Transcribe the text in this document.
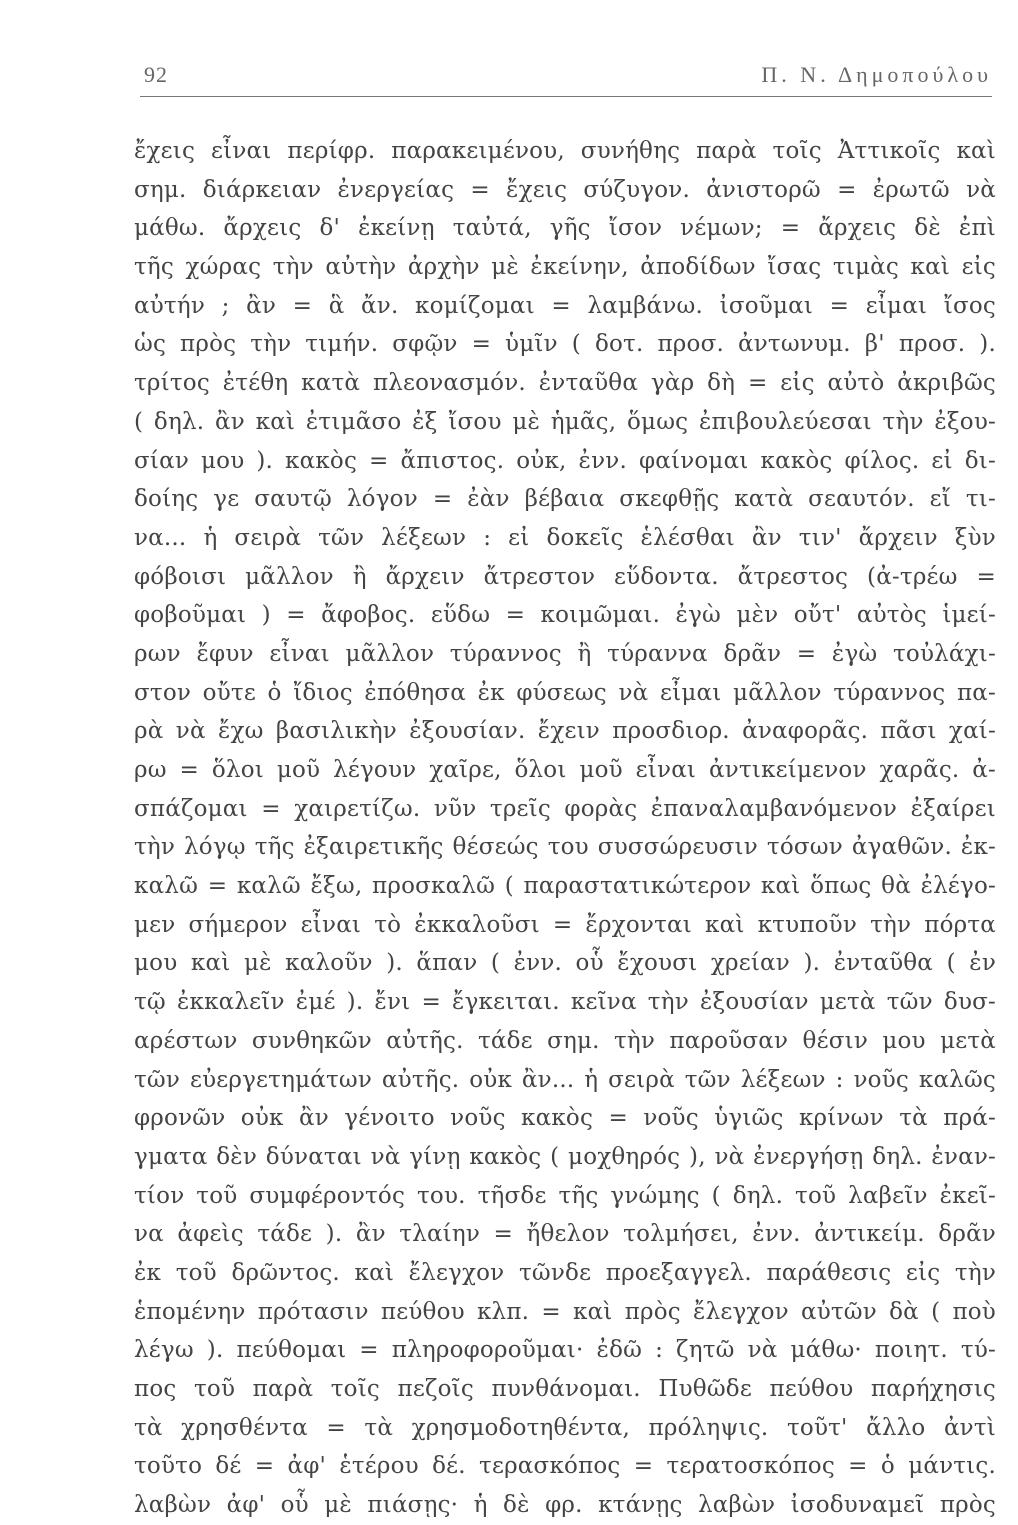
92	Π. Ν. Δημοπούλου
ἔχεις εἶναι περίφρ. παρακειμένου, συνήθης παρὰ τοῖς Ἀττικοῖς καὶ
σημ. διάρκειαν ἐνεργείας = ἔχεις σύζυγον. ἀνιστορῶ = ἐρωτῶ νὰ
μάθω. ἄρχεις δ' ἐκείνῃ ταὐτά, γῆς ἴσον νέμων; = ἄρχεις δὲ ἐπὶ
τῆς χώρας τὴν αὐτὴν ἀρχὴν μὲ ἐκείνην, ἀποδίδων ἴσας τιμὰς καὶ εἰς
αὐτήν ; ἂν = ἃ ἄν. κομίζομαι = λαμβάνω. ἰσοῦμαι = εἶμαι ἴσος
ὡς πρὸς τὴν τιμήν. σφῷν = ὑμῖν ( δοτ. προσ. ἀντωνυμ. β' προσ. ).
τρίτος ἐτέθη κατὰ πλεονασμόν. ἐνταῦθα γὰρ δὴ = εἰς αὐτὸ ἀκριβῶς
( δηλ. ἂν καὶ ἐτιμᾶσο ἐξ ἴσου μὲ ἡμᾶς, ὅμως ἐπιβουλεύεσαι τὴν ἐξου-
σίαν μου ). κακὸς = ἄπιστος. οὐκ, ἐνν. φαίνομαι κακὸς φίλος. εἰ δι-
δοίης γε σαυτῷ λόγον = ἐὰν βέβαια σκεφθῇς κατὰ σεαυτόν. εἴ τι-
να... ἡ σειρὰ τῶν λέξεων : εἰ δοκεῖς ἑλέσθαι ἂν τιν' ἄρχειν ξὺν
φόβοισι μᾶλλον ἢ ἄρχειν ἄτρεστον εὕδοντα. ἄτρεστος (ἀ-τρέω =
φοβοῦμαι ) = ἄφοβος. εὕδω = κοιμῶμαι. ἐγὼ μὲν οὔτ' αὐτὸς ἱμεί-
ρων ἔφυν εἶναι μᾶλλον τύραννος ἢ τύραννα δρᾶν = ἐγὼ τοὐλάχι-
στον οὔτε ὁ ἴδιος ἐπόθησα ἐκ φύσεως νὰ εἶμαι μᾶλλον τύραννος πα-
ρὰ νὰ ἔχω βασιλικὴν ἐξουσίαν. ἔχειν προσδιορ. ἀναφορᾶς. πᾶσι χαί-
ρω = ὅλοι μοῦ λέγουν χαῖρε, ὅλοι μοῦ εἶναι ἀντικείμενον χαρᾶς. ἀ-
σπάζομαι = χαιρετίζω. νῦν τρεῖς φορὰς ἐπαναλαμβανόμενον ἐξαίρει
τὴν λόγῳ τῆς ἐξαιρετικῆς θέσεώς του συσσώρευσιν τόσων ἀγαθῶν. ἐκ-
καλῶ = καλῶ ἔξω, προσκαλῶ ( παραστατικώτερον καὶ ὅπως θὰ ἐλέγο-
μεν σήμερον εἶναι τὸ ἐκκαλοῦσι = ἔρχονται καὶ κτυποῦν τὴν πόρτα
μου καὶ μὲ καλοῦν ). ἅπαν ( ἐνν. οὗ ἔχουσι χρείαν ). ἐνταῦθα ( ἐν
τῷ ἐκκαλεῖν ἐμέ ). ἔνι = ἔγκειται. κεῖνα τὴν ἐξουσίαν μετὰ τῶν δυσ-
αρέστων συνθηκῶν αὐτῆς. τάδε σημ. τὴν παροῦσαν θέσιν μου μετὰ
τῶν εὐεργετημάτων αὐτῆς. οὐκ ἂν... ἡ σειρὰ τῶν λέξεων : νοῦς καλῶς
φρονῶν οὐκ ἂν γένοιτο νοῦς κακὸς = νοῦς ὑγιῶς κρίνων τὰ πρά-
γματα δὲν δύναται νὰ γίνῃ κακὸς ( μοχθηρός ), νὰ ἐνεργήσῃ δηλ. ἐναν-
τίον τοῦ συμφέροντός του. τῆσδε τῆς γνώμης ( δηλ. τοῦ λαβεῖν ἐκεῖ-
να ἀφεὶς τάδε ). ἂν τλαίην = ἤθελον τολμήσει, ἐνν. ἀντικείμ. δρᾶν
ἐκ τοῦ δρῶντος. καὶ ἔλεγχον τῶνδε προεξαγγελ. παράθεσις εἰς τὴν
ἑπομένην πρότασιν πεύθου κλπ. = καὶ πρὸς ἔλεγχον αὐτῶν δὰ ( ποὺ
λέγω ). πεύθομαι = πληροφοροῦμαι· ἐδῶ : ζητῶ νὰ μάθω· ποιητ. τύ-
πος τοῦ παρὰ τοῖς πεζοῖς πυνθάνομαι. Πυθῶδε πεύθου παρήχησις
τὰ χρησθέντα = τὰ χρησμοδοτηθέντα, πρόληψις. τοῦτ' ἄλλο ἀντὶ
τοῦτο δέ = ἀφ' ἑτέρου δέ. τερασκόπος = τερατοσκόπος = ὁ μάντις.
λαβὼν ἀφ' οὗ μὲ πιάσῃς· ἡ δὲ φρ. κτάνῃς λαβὼν ἰσοδυναμεῖ πρὸς
